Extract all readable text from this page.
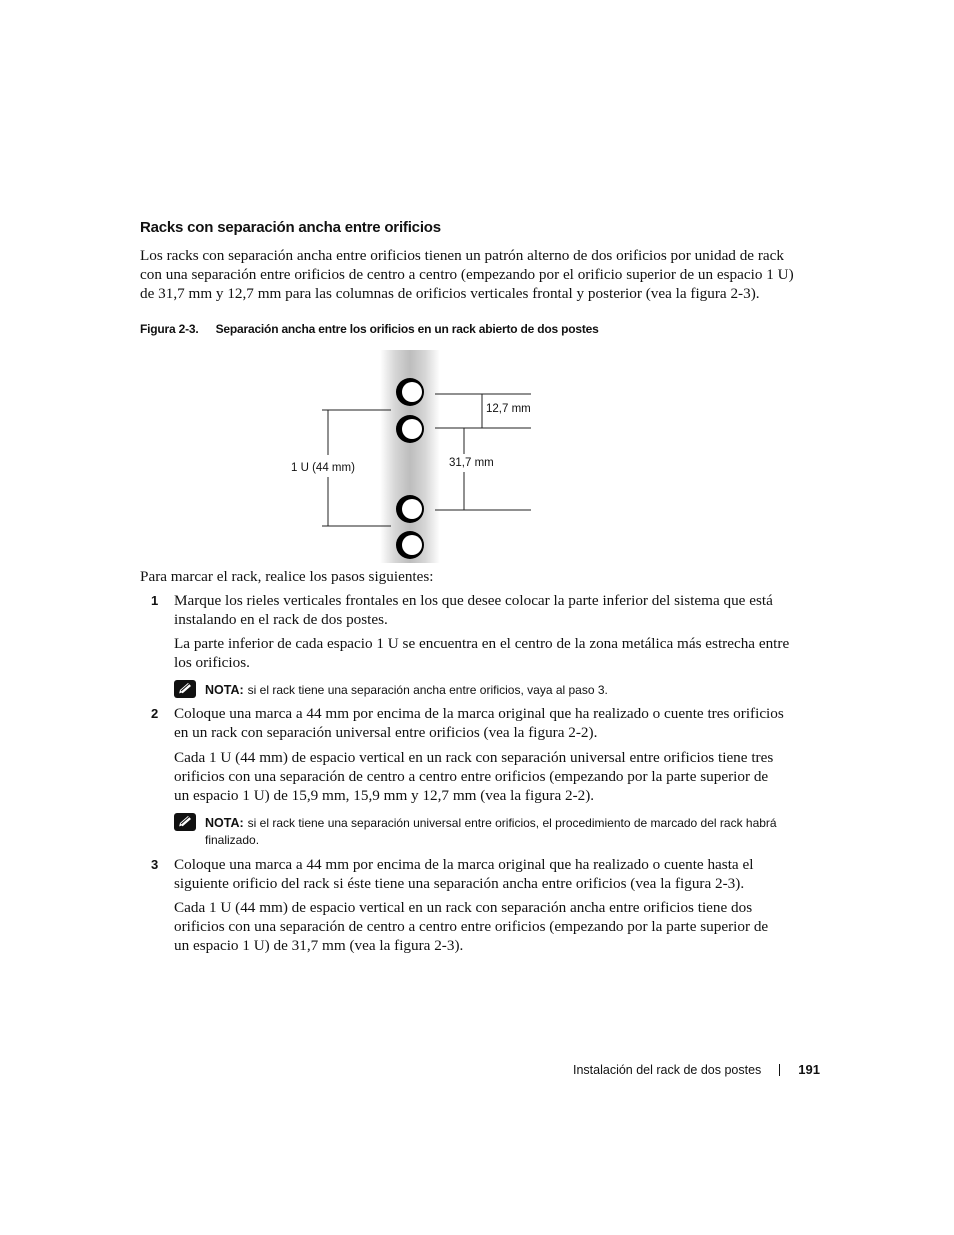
Racks con separación ancha entre orificios
Los racks con separación ancha entre orificios tienen un patrón alterno de dos orificios por unidad de rack
con una separación entre orificios de centro a centro (empezando por el orificio superior de un espacio 1 U)
de 31,7 mm y 12,7 mm para las columnas de orificios verticales frontal y posterior (vea la figura 2-3).
Figura 2-3. Separación ancha entre los orificios en un rack abierto de dos postes
1 U (44 mm)
12,7 mm
31,7 mm
Para marcar el rack, realice los pasos siguientes:
1 Marque los rieles verticales frontales en los que desee colocar la parte inferior del sistema que está
instalando en el rack de dos postes.
La parte inferior de cada espacio 1 U se encuentra en el centro de la zona metálica más estrecha entre
los orificios.
NOTA: si el rack tiene una separación ancha entre orificios, vaya al paso 3.
2 Coloque una marca a 44 mm por encima de la marca original que ha realizado o cuente tres orificios
en un rack con separación universal entre orificios (vea la figura 2-2).
Cada 1 U (44 mm) de espacio vertical en un rack con separación universal entre orificios tiene tres
orificios con una separación de centro a centro entre orificios (empezando por la parte superior de
un espacio 1 U) de 15,9 mm, 15,9 mm y 12,7 mm (vea la figura 2-2).
NOTA: si el rack tiene una separación universal entre orificios, el procedimiento de marcado del rack habrá
finalizado.
3 Coloque una marca a 44 mm por encima de la marca original que ha realizado o cuente hasta el
siguiente orificio del rack si éste tiene una separación ancha entre orificios (vea la figura 2-3).
Cada 1 U (44 mm) de espacio vertical en un rack con separación ancha entre orificios tiene dos
orificios con una separación de centro a centro entre orificios (empezando por la parte superior de
un espacio 1 U) de 31,7 mm (vea la figura 2-3).
Instalación del rack de dos postes	191
